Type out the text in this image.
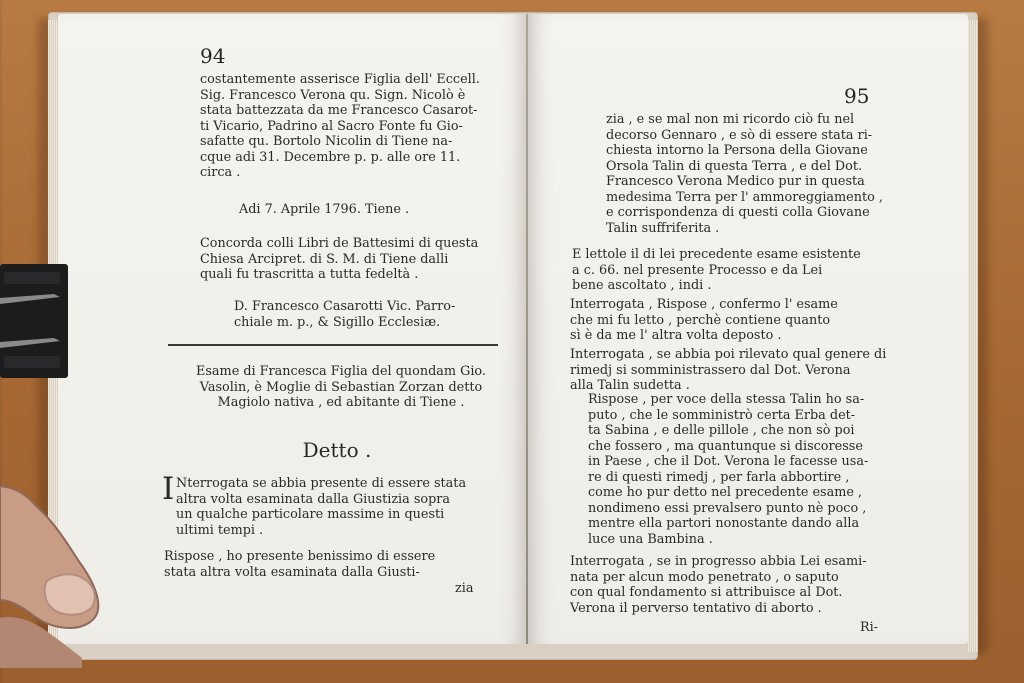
94
costantemente asserisce Figlia dell' Eccell.
Sig. Francesco Verona qu. Sign. Nicolò è
stata battezzata da me Francesco Casarot-
ti Vicario, Padrino al Sacro Fonte fu Gio-
safatte qu. Bortolo Nicolin di Tiene na-
cque adi 31. Decembre p. p. alle ore 11.
circa .
Adi 7. Aprile 1796. Tiene .
Concorda colli Libri de Battesimi di questa
Chiesa Arcipret. di S. M. di Tiene dalli
quali fu trascritta a tutta fedeltà .
D. Francesco Casarotti Vic. Parro-
chiale m. p., & Sigillo Ecclesiæ.
Esame di Francesca Figlia del quondam Gio.
Vasolin, è Moglie di Sebastian Zorzan detto
Magiolo nativa , ed abitante di Tiene .
Detto .
I Nterrogata se abbia presente di essere stata
altra volta esaminata dalla Giustizia sopra
un qualche particolare massime in questi
ultimi tempi .
Rispose , ho presente benissimo di essere
stata altra volta esaminata dalla Giusti-
zia
95
zia , e se mal non mi ricordo ciò fu nel
decorso Gennaro , e sò di essere stata ri-
chiesta intorno la Persona della Giovane
Orsola Talin di questa Terra , e del Dot.
Francesco Verona Medico pur in questa
medesima Terra per l' ammoreggiamento ,
e corrispondenza di questi colla Giovane
Talin suffriferita .
E lettole il di lei precedente esame esistente
a c. 66. nel presente Processo e da Lei
bene ascoltato , indi .
Interrogata , Rispose , confermo l' esame
che mi fu letto , perchè contiene quanto
sì è da me l' altra volta deposto .
Interrogata , se abbia poi rilevato qual genere di
rimedj si somministrassero dal Dot. Verona
alla Talin sudetta .
Rispose , per voce della stessa Talin ho sa-
puto , che le somministrò certa Erba det-
ta Sabina , e delle pillole , che non sò poi
che fossero , ma quantunque si discoresse
in Paese , che il Dot. Verona le facesse usa-
re di questi rimedj , per farla abbortire ,
come ho pur detto nel precedente esame ,
nondimeno essi prevalsero punto nè poco ,
mentre ella partori nonostante dando alla
luce una Bambina .
Interrogata , se in progresso abbia Lei esami-
nata per alcun modo penetrato , o saputo
con qual fondamento si attribuisce al Dot.
Verona il perverso tentativo di aborto .
Ri-
